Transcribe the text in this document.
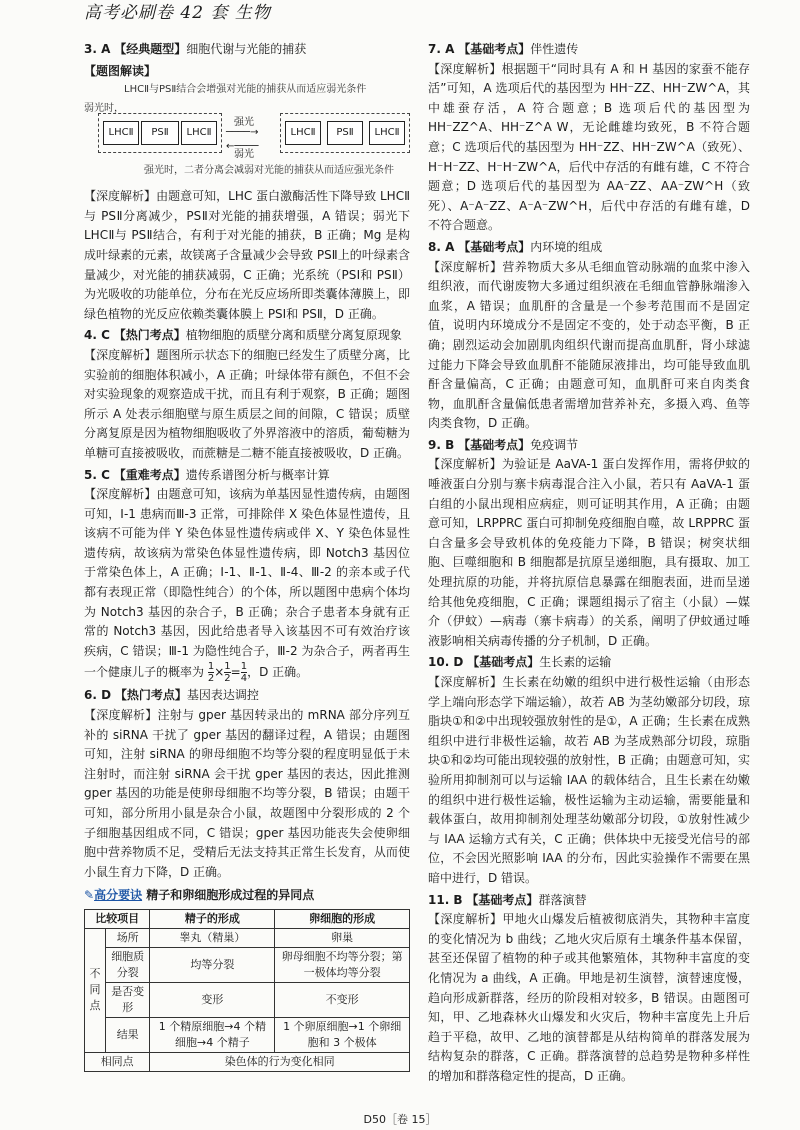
高考必刷卷 42 套 生物

3. A 【经典题型】细胞代谢与光能的捕获

【题图解读】
LHCⅡ与PSⅡ结合会增强对光能的捕获从而适应弱光条件
弱光时，
LHCⅡ	PSⅡ	LHCⅡ
强光
────→
←────
弱光
LHCⅡ	PSⅡ	LHCⅡ
强光时，二者分离会减弱对光能的捕获从而适应强光条件

【深度解析】由题意可知，LHC 蛋白激酶活性下降导致 LHCⅡ与 PSⅡ分离减少，PSⅡ对光能的捕获增强，A 错误；弱光下 LHCⅡ与 PSⅡ结合，有利于对光能的捕获，B 正确；Mg 是构成叶绿素的元素，故镁离子含量减少会导致 PSⅡ上的叶绿素含量减少，对光能的捕获减弱，C 正确；光系统（PSⅠ和 PSⅡ）为光吸收的功能单位，分布在光反应场所即类囊体薄膜上，即绿色植物的光反应依赖类囊体膜上 PSⅠ和 PSⅡ，D 正确。

4. C 【热门考点】植物细胞的质壁分离和质壁分离复原现象

【深度解析】题图所示状态下的细胞已经发生了质壁分离，比实验前的细胞体积减小，A 正确；叶绿体带有颜色，不但不会对实验现象的观察造成干扰，而且有利于观察，B 正确；题图所示 A 处表示细胞壁与原生质层之间的间隙，C 错误；质壁分离复原是因为植物细胞吸收了外界溶液中的溶质，葡萄糖为单糖可直接被吸收，而蔗糖是二糖不能直接被吸收，D 正确。

5. C 【重难考点】遗传系谱图分析与概率计算

【深度解析】由题意可知，该病为单基因显性遗传病，由题图可知，Ⅰ-1 患病而Ⅲ-3 正常，可排除伴 X 染色体显性遗传，且该病不可能为伴 Y 染色体显性遗传病或伴 X、Y 染色体显性遗传病，故该病为常染色体显性遗传病，即 Notch3 基因位于常染色体上，A 正确；Ⅰ-1、Ⅱ-1、Ⅱ-4、Ⅲ-2 的亲本或子代都有表现正常（即隐性纯合）的个体，所以题图中患病个体均为 Notch3 基因的杂合子，B 正确；杂合子患者本身就有正常的 Notch3 基因，因此给患者导入该基因不可有效治疗该疾病，C 错误；Ⅲ-1 为隐性纯合子，Ⅲ-2 为杂合子，两者再生一个健康儿子的概率为 $\frac{1}{2} \times \frac{1}{2} = \frac{1}{4}$ ，D 正确。

6. D 【热门考点】基因表达调控

【深度解析】注射与 gper 基因转录出的 mRNA 部分序列互补的 siRNA 干扰了 gper 基因的翻译过程，A 错误；由题图可知，注射 siRNA 的卵母细胞不均等分裂的程度明显低于未注射时，而注射 siRNA 会干扰 gper 基因的表达，因此推测 gper 基因的功能是使卵母细胞不均等分裂，B 错误；由题干可知，部分所用小鼠是杂合小鼠，故题图中分裂形成的 2 个子细胞基因组成不同，C 错误；gper 基因功能丧失会使卵细胞中营养物质不足，受精后无法支持其正常生长发育，从而使小鼠生育力下降，D 正确。

✎高分要诀 精子和卵细胞形成过程的异同点
比较项目		精子的形成	卵细胞的形成
不同点	场所	睾丸（精巢）	卵巢
	细胞质分裂	均等分裂	卵母细胞不均等分裂；第一极体均等分裂
	是否变形	变形	不变形
	结果	1 个精原细胞→4 个精细胞→4 个精子	1 个卵原细胞→1 个卵细胞和 3 个极体
相同点		染色体的行为变化相同	

7. A 【基础考点】伴性遗传

【深度解析】根据题干“同时具有 A 和 H 基因的家蚕不能存活”可知，A 选项后代的基因型为 HH⁻ZZ、HH⁻ZW^A，其中雄蚕存活，A 符合题意；B 选项后代的基因型为 HH⁻ZZ^A、HH⁻Z^A W，无论雌雄均致死，B 不符合题意；C 选项后代的基因型为 HH⁻ZZ、HH⁻ZW^A（致死）、H⁻H⁻ZZ、H⁻H⁻ZW^A，后代中存活的有雌有雄，C 不符合题意；D 选项后代的基因型为 AA⁻ZZ、AA⁻ZW^H（致死）、A⁻A⁻ZZ、A⁻A⁻ZW^H，后代中存活的有雌有雄，D 不符合题意。

8. A 【基础考点】内环境的组成

【深度解析】营养物质大多从毛细血管动脉端的血浆中渗入组织液，而代谢废物大多通过组织液在毛细血管静脉端渗入血浆，A 错误；血肌酐的含量是一个参考范围而不是固定值，说明内环境成分不是固定不变的，处于动态平衡，B 正确；剧烈运动会加剧肌肉组织代谢而提高血肌酐，肾小球滤过能力下降会导致血肌酐不能随尿液排出，均可能导致血肌酐含量偏高，C 正确；由题意可知，血肌酐可来自肉类食物，血肌酐含量偏低患者需增加营养补充，多摄入鸡、鱼等肉类食物，D 正确。

9. B 【基础考点】免疫调节

【深度解析】为验证是 AaVA-1 蛋白发挥作用，需将伊蚊的唾液蛋白分别与寨卡病毒混合注入小鼠，若只有 AaVA-1 蛋白组的小鼠出现相应病症，则可证明其作用，A 正确；由题意可知，LRPPRC 蛋白可抑制免疫细胞自噬，故 LRPPRC 蛋白含量多会导致机体的免疫能力下降，B 错误；树突状细胞、巨噬细胞和 B 细胞都是抗原呈递细胞，具有摄取、加工处理抗原的功能，并将抗原信息暴露在细胞表面，进而呈递给其他免疫细胞，C 正确；课题组揭示了宿主（小鼠）—媒介（伊蚊）—病毒（寨卡病毒）的关系，阐明了伊蚊通过唾液影响相关病毒传播的分子机制，D 正确。

10. D 【基础考点】生长素的运输

【深度解析】生长素在幼嫩的组织中进行极性运输（由形态学上端向形态学下端运输），故若 AB 为茎幼嫩部分切段，琼脂块①和②中出现较强放射性的是①，A 正确；生长素在成熟组织中进行非极性运输，故若 AB 为茎成熟部分切段，琼脂块①和②均可能出现较强的放射性，B 正确；由题意可知，实验所用抑制剂可以与运输 IAA 的载体结合，且生长素在幼嫩的组织中进行极性运输，极性运输为主动运输，需要能量和载体蛋白，故用抑制剂处理茎幼嫩部分切段，①放射性减少与 IAA 运输方式有关，C 正确；供体块中无接受光信号的部位，不会因光照影响 IAA 的分布，因此实验操作不需要在黑暗中进行，D 错误。

11. B 【基础考点】群落演替

【深度解析】甲地火山爆发后植被彻底消失，其物种丰富度的变化情况为 b 曲线；乙地火灾后原有土壤条件基本保留，甚至还保留了植物的种子或其他繁殖体，其物种丰富度的变化情况为 a 曲线，A 正确。甲地是初生演替，演替速度慢，趋向形成新群落，经历的阶段相对较多，B 错误。由题图可知，甲、乙地森林火山爆发和火灾后，物种丰富度先上升后趋于平稳，故甲、乙地的演替都是从结构简单的群落发展为结构复杂的群落，C 正确。群落演替的总趋势是物种多样性的增加和群落稳定性的提高，D 正确。

D50［卷 15］
